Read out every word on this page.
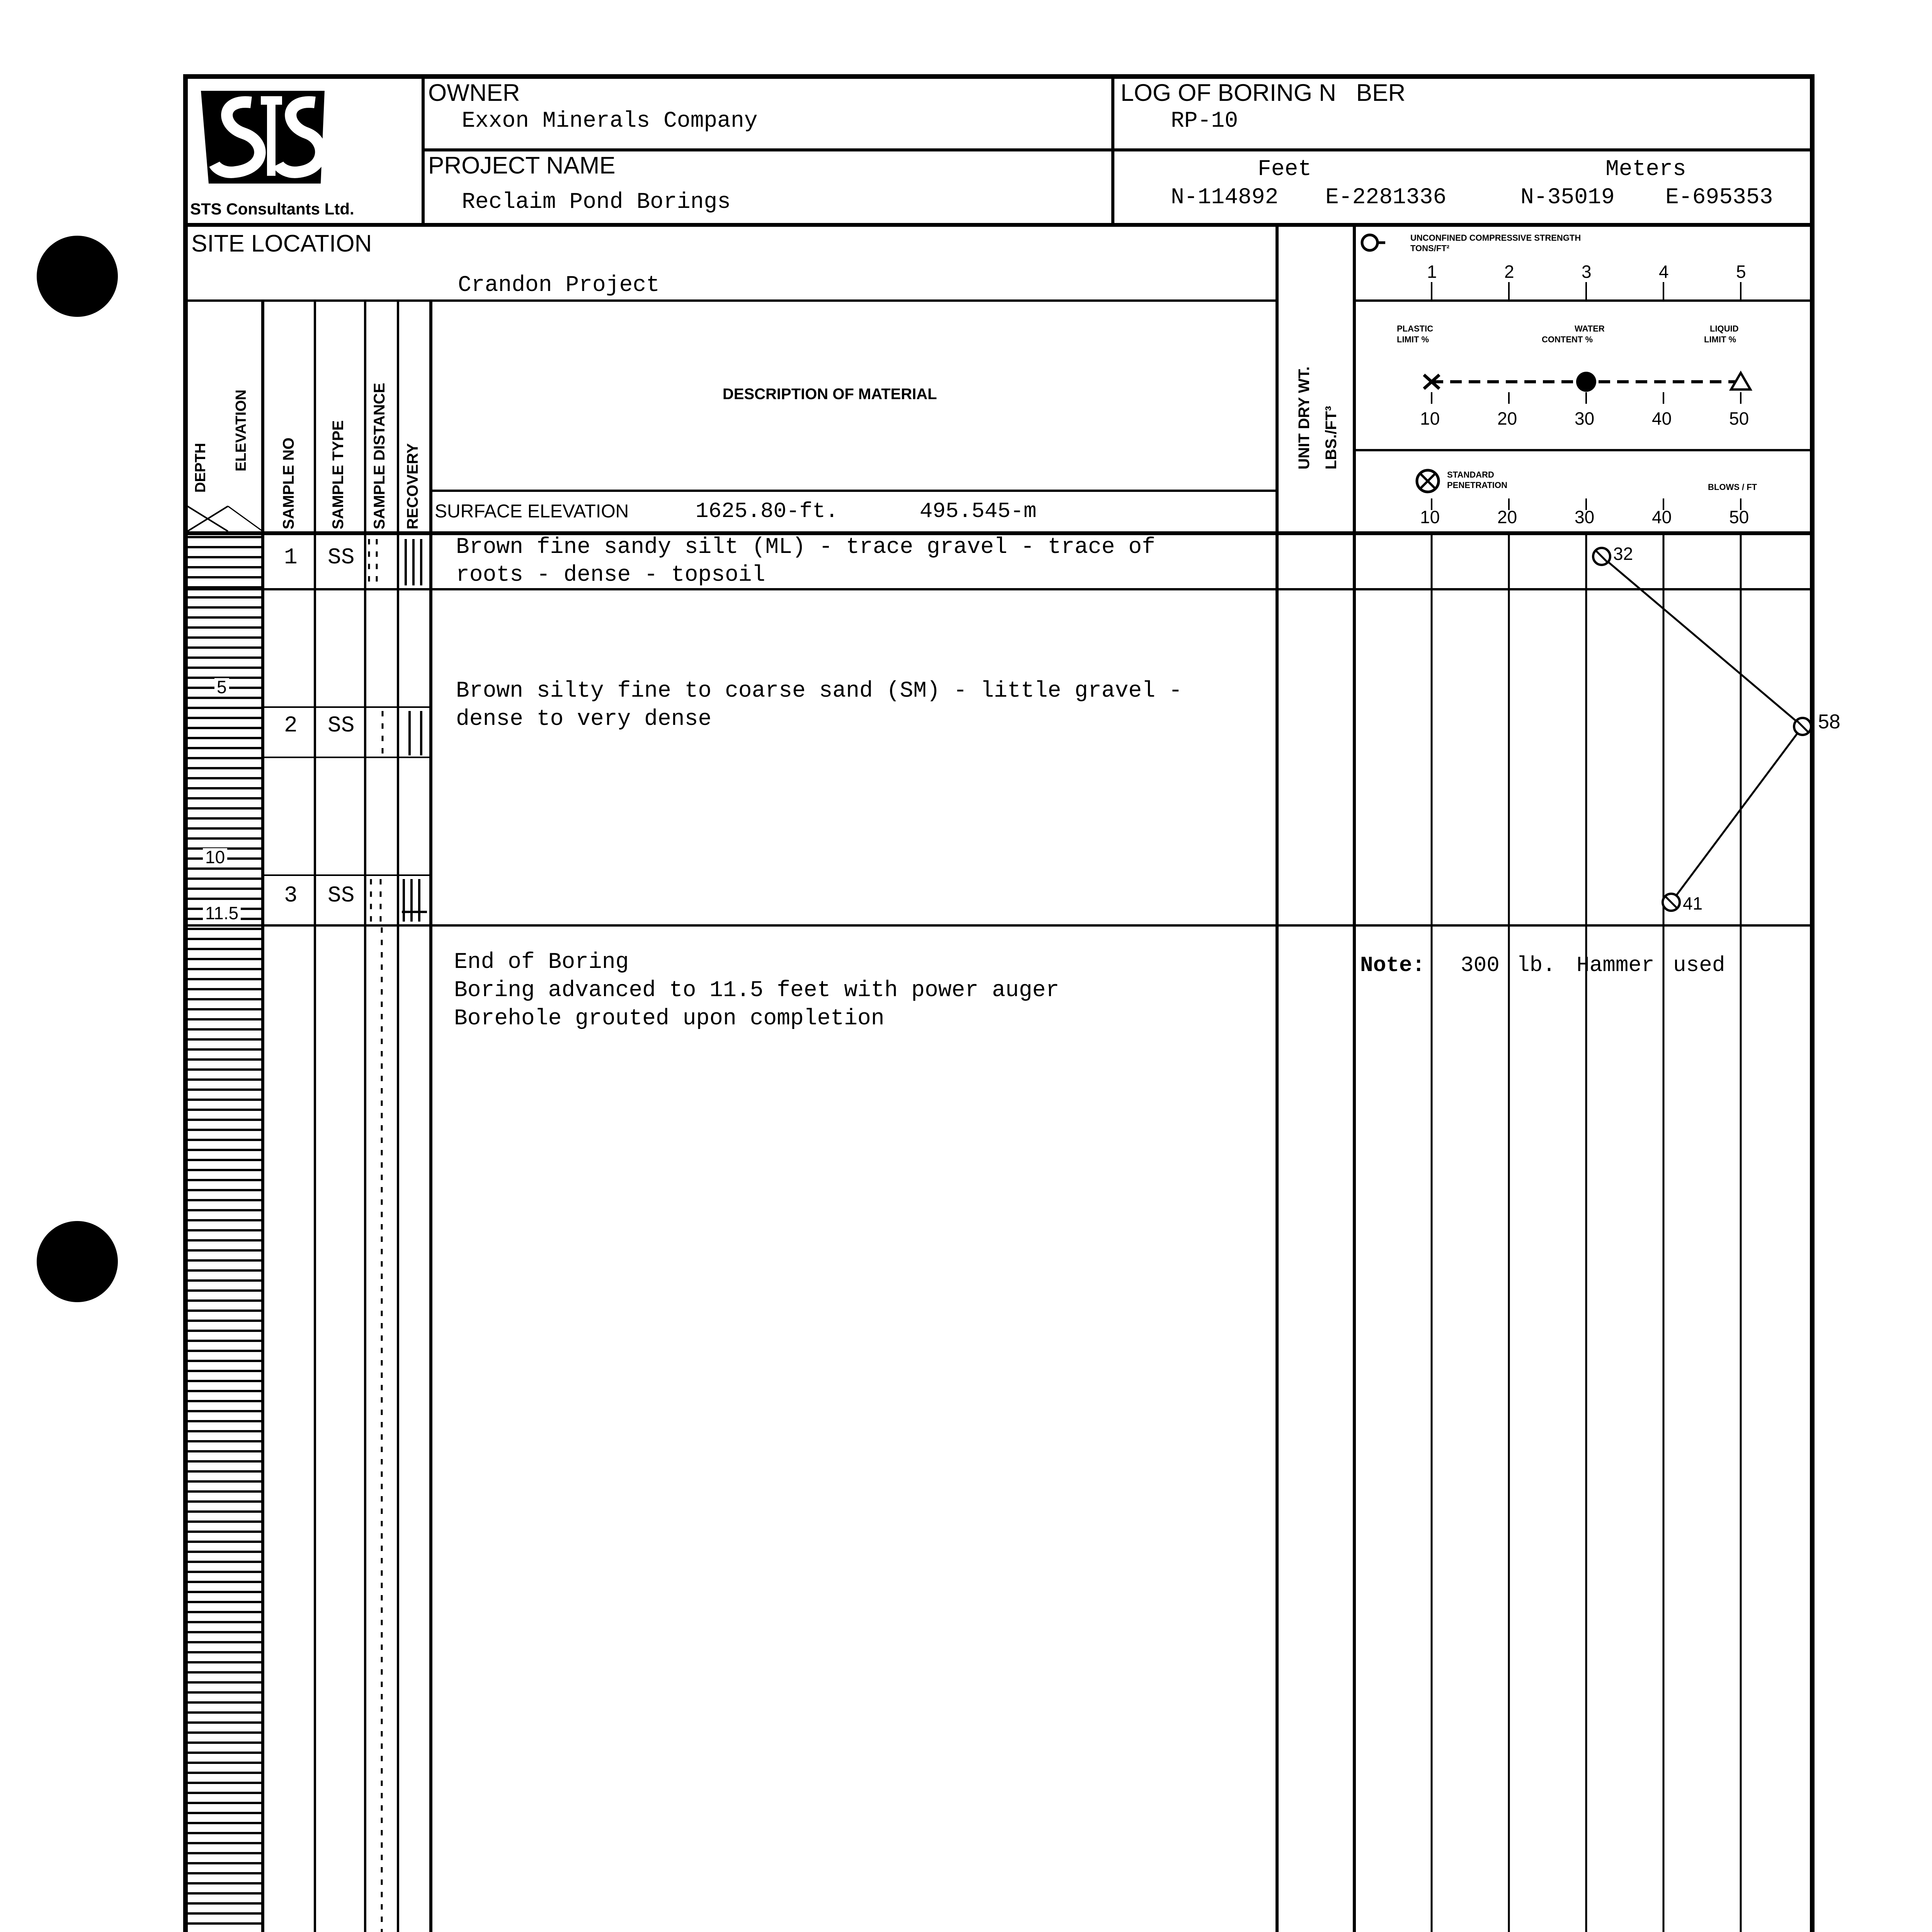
STS Consultants Ltd.
OWNER
Exxon Minerals Company
PROJECT NAME
Reclaim Pond Borings
LOG OF BORING N   BER
RP-10
Feet	Meters
N-114892 E-2281336	N-35019 E-695353
SITE LOCATION
Crandon Project
DEPTH ELEVATION
SAMPLE NO SAMPLE TYPE SAMPLE DISTANCE RECOVERY
DESCRIPTION OF MATERIAL	UNIT DRY WT. LBS./FT³
SURFACE ELEVATION	1625.80-ft.	495.545-m
UNCONFINED COMPRESSIVE STRENGTH
TONS/FT²
1	2	3	4	5
PLASTIC
LIMIT %
WATER
CONTENT %
LIQUID
LIMIT %
10	20	30	40	50
STANDARD
PENETRATION	BLOWS / FT
10	20	30	40	50
5
10
11.5
1 SS
2 SS
3 SS
Brown fine sandy silt (ML) - trace gravel - trace of
roots - dense - topsoil
Brown silty fine to coarse sand (SM) - little gravel -
dense to very dense
End of Boring
Boring advanced to 11.5 feet with power auger
Borehole grouted upon completion
Note: 300 lb. Hammer used
32
58
41
